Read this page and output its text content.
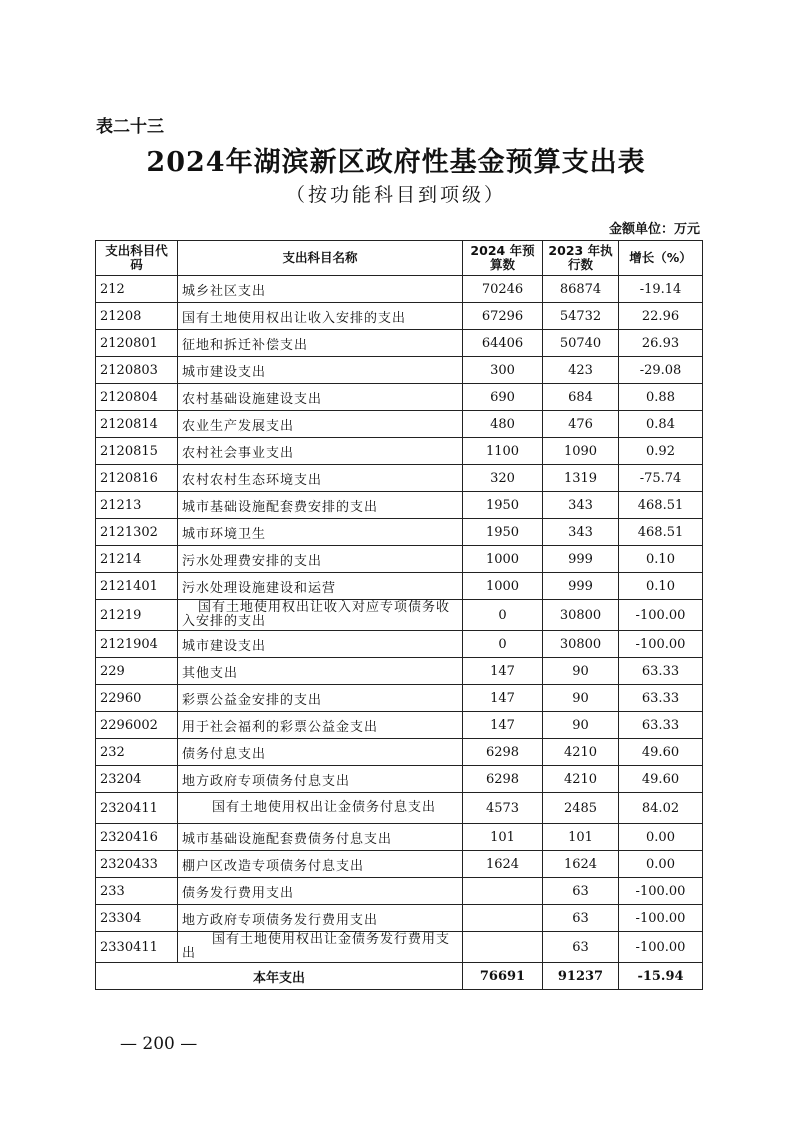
表二十三
2024年湖滨新区政府性基金预算支出表
（按功能科目到项级）
金额单位：万元
支出科目代码	支出科目名称	2024 年预算数	2023 年执行数	增长（%）
212	城乡社区支出	70246	86874	-19.14
21208	国有土地使用权出让收入安排的支出	67296	54732	22.96
2120801	征地和拆迁补偿支出	64406	50740	26.93
2120803	城市建设支出	300	423	-29.08
2120804	农村基础设施建设支出	690	684	0.88
2120814	农业生产发展支出	480	476	0.84
2120815	农村社会事业支出	1100	1090	0.92
2120816	农村农村生态环境支出	320	1319	-75.74
21213	城市基础设施配套费安排的支出	1950	343	468.51
2121302	城市环境卫生	1950	343	468.51
21214	污水处理费安排的支出	1000	999	0.10
2121401	污水处理设施建设和运营	1000	999	0.10
21219	国有土地使用权出让收入对应专项债务收入安排的支出	0	30800	-100.00
2121904	城市建设支出	0	30800	-100.00
229	其他支出	147	90	63.33
22960	彩票公益金安排的支出	147	90	63.33
2296002	用于社会福利的彩票公益金支出	147	90	63.33
232	债务付息支出	6298	4210	49.60
23204	地方政府专项债务付息支出	6298	4210	49.60
2320411	国有土地使用权出让金债务付息支出	4573	2485	84.02
2320416	城市基础设施配套费债务付息支出	101	101	0.00
2320433	棚户区改造专项债务付息支出	1624	1624	0.00
233	债务发行费用支出		63	-100.00
23304	地方政府专项债务发行费用支出		63	-100.00
2330411	国有土地使用权出让金债务发行费用支出		63	-100.00
本年支出		76691	91237	-15.94
— 200 —
